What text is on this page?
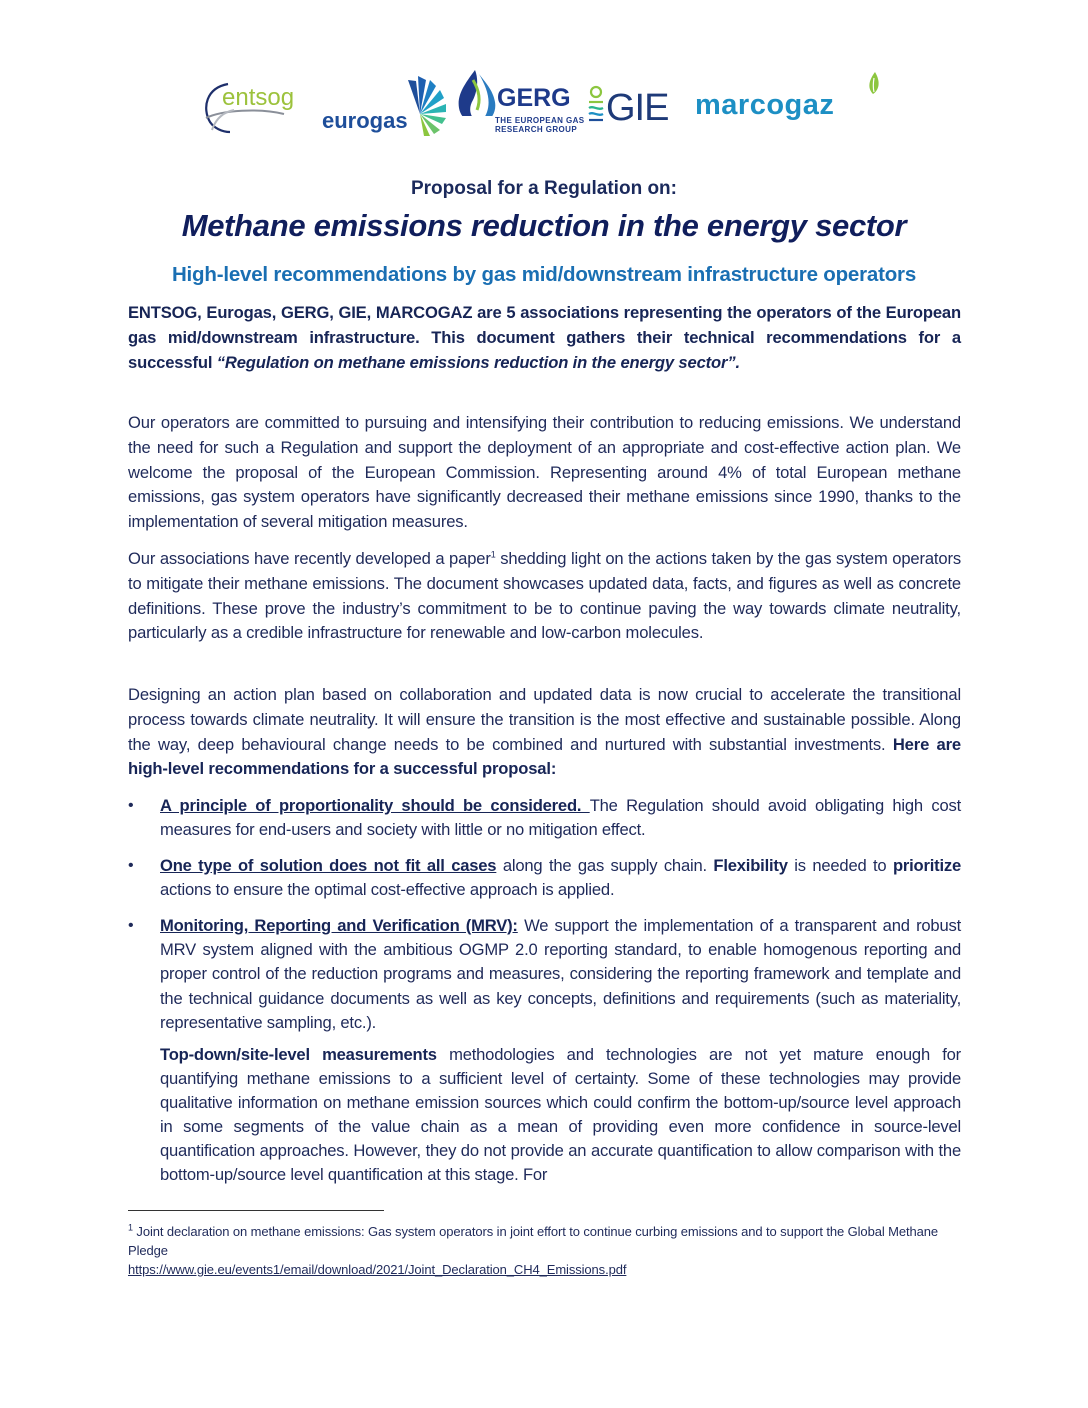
entsog
eurogas
GERG
THE EUROPEAN GAS
RESEARCH GROUP
GIE marcogaz
Proposal for a Regulation on:
Methane emissions reduction in the energy sector
High-level recommendations by gas mid/downstream infrastructure operators

ENTSOG, Eurogas, GERG, GIE, MARCOGAZ are 5 associations representing the operators of the European gas mid/downstream infrastructure. This document gathers their technical recommendations for a successful “Regulation on methane emissions reduction in the energy sector”.

Our operators are committed to pursuing and intensifying their contribution to reducing emissions. We understand the need for such a Regulation and support the deployment of an appropriate and cost-effective action plan. We welcome the proposal of the European Commission. Representing around 4% of total European methane emissions, gas system operators have significantly decreased their methane emissions since 1990, thanks to the implementation of several mitigation measures.

Our associations have recently developed a paper$^1$ shedding light on the actions taken by the gas system operators to mitigate their methane emissions. The document showcases updated data, facts, and figures as well as concrete definitions. These prove the industry’s commitment to be to continue paving the way towards climate neutrality, particularly as a credible infrastructure for renewable and low-carbon molecules.

Designing an action plan based on collaboration and updated data is now crucial to accelerate the transitional process towards climate neutrality. It will ensure the transition is the most effective and sustainable possible. Along the way, deep behavioural change needs to be combined and nurtured with substantial investments. Here are high-level recommendations for a successful proposal:

•	A principle of proportionality should be considered. The Regulation should avoid obligating high cost measures for end-users and society with little or no mitigation effect.
•	One type of solution does not fit all cases along the gas supply chain. Flexibility is needed to prioritize actions to ensure the optimal cost-effective approach is applied.
•	Monitoring, Reporting and Verification (MRV): We support the implementation of a transparent and robust MRV system aligned with the ambitious OGMP 2.0 reporting standard, to enable homogenous reporting and proper control of the reduction programs and measures, considering the reporting framework and template and the technical guidance documents as well as key concepts, definitions and requirements (such as materiality, representative sampling, etc.).

Top-down/site-level measurements methodologies and technologies are not yet mature enough for quantifying methane emissions to a sufficient level of certainty. Some of these technologies may provide qualitative information on methane emission sources which could confirm the bottom-up/source level approach in some segments of the value chain as a mean of providing even more confidence in source-level quantification approaches. However, they do not provide an accurate quantification to allow comparison with the bottom-up/source level quantification at this stage. For

$^1$ Joint declaration on methane emissions: Gas system operators in joint effort to continue curbing emissions and to support the Global Methane Pledge
https://www.gie.eu/events1/email/download/2021/Joint_Declaration_CH4_Emissions.pdf
